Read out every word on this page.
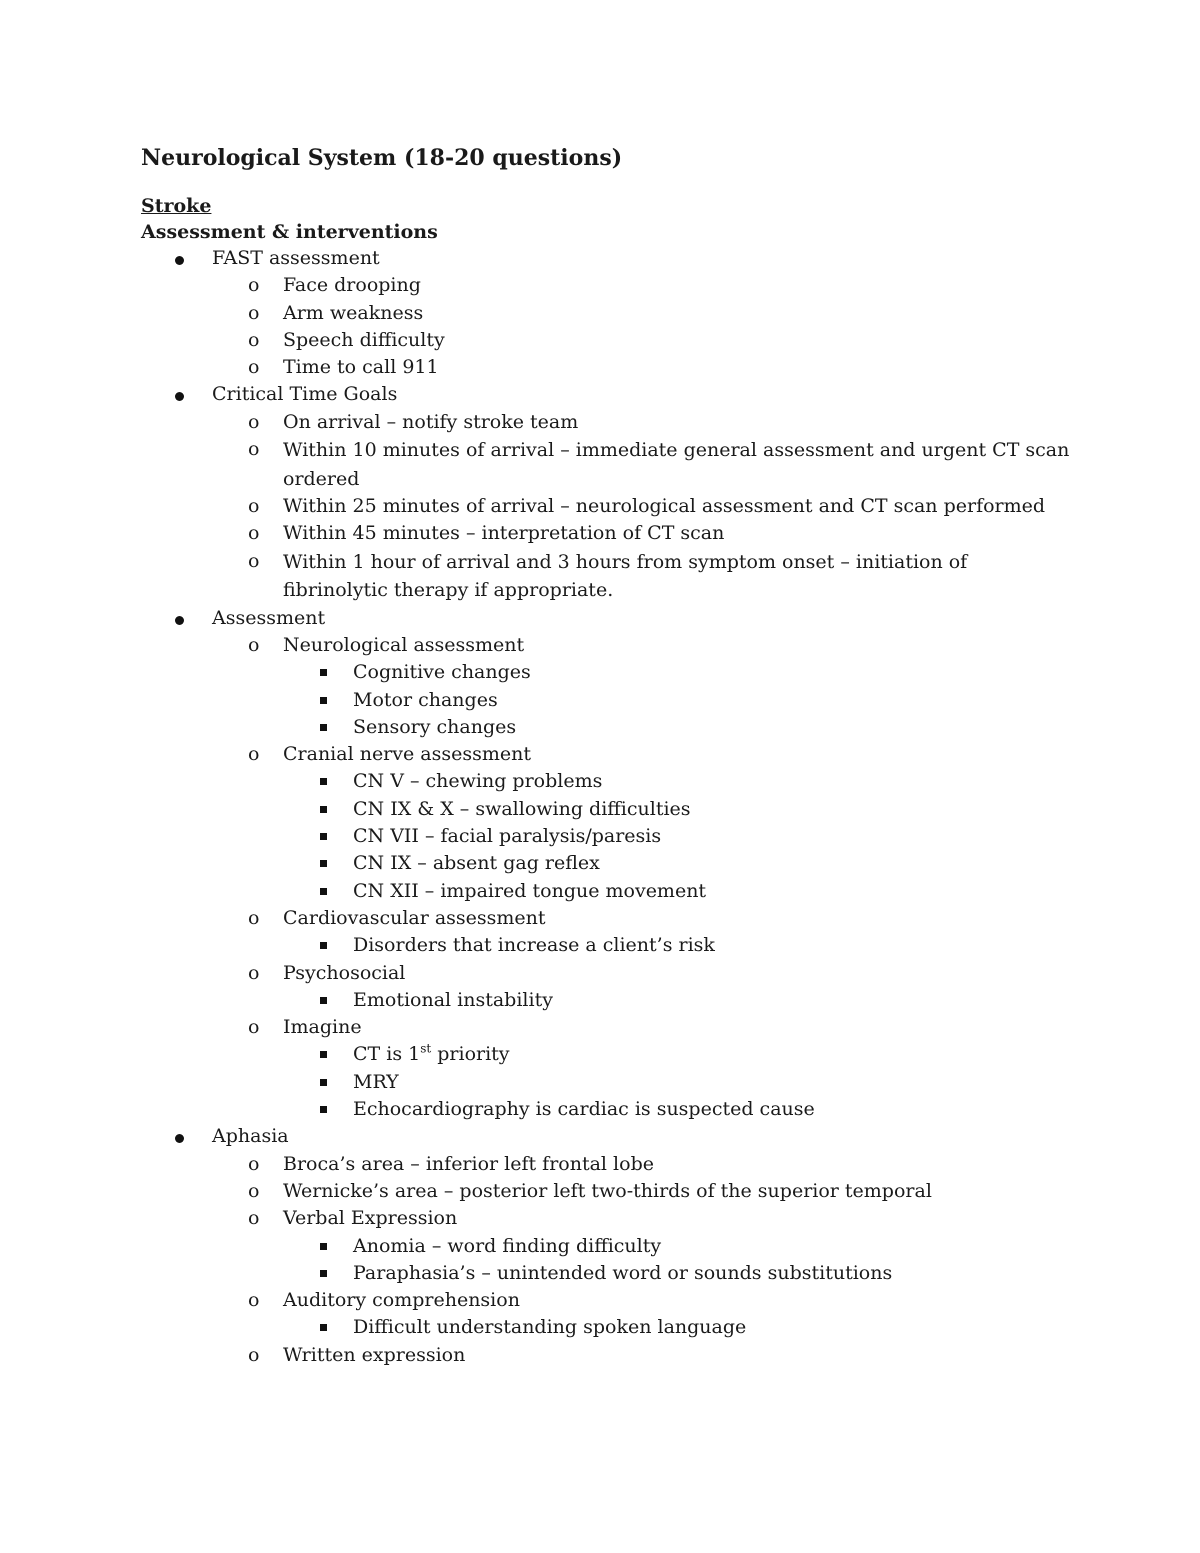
Neurological System (18-20 questions)
Stroke
Assessment & interventions
FAST assessment
o Face drooping
o Arm weakness
o Speech difficulty
o Time to call 911
Critical Time Goals
o On arrival – notify stroke team
o Within 10 minutes of arrival – immediate general assessment and urgent CT scan ordered
o Within 25 minutes of arrival – neurological assessment and CT scan performed
o Within 45 minutes – interpretation of CT scan
o Within 1 hour of arrival and 3 hours from symptom onset – initiation of fibrinolytic therapy if appropriate.
Assessment
o Neurological assessment
Cognitive changes
Motor changes
Sensory changes
o Cranial nerve assessment
CN V – chewing problems
CN IX & X – swallowing difficulties
CN VII – facial paralysis/paresis
CN IX – absent gag reflex
CN XII – impaired tongue movement
o Cardiovascular assessment
Disorders that increase a client’s risk
o Psychosocial
Emotional instability
o Imagine
CT is 1st priority
MRY
Echocardiography is cardiac is suspected cause
Aphasia
o Broca’s area – inferior left frontal lobe
o Wernicke’s area – posterior left two-thirds of the superior temporal
o Verbal Expression
Anomia – word finding difficulty
Paraphasia’s – unintended word or sounds substitutions
o Auditory comprehension
Difficult understanding spoken language
o Written expression
